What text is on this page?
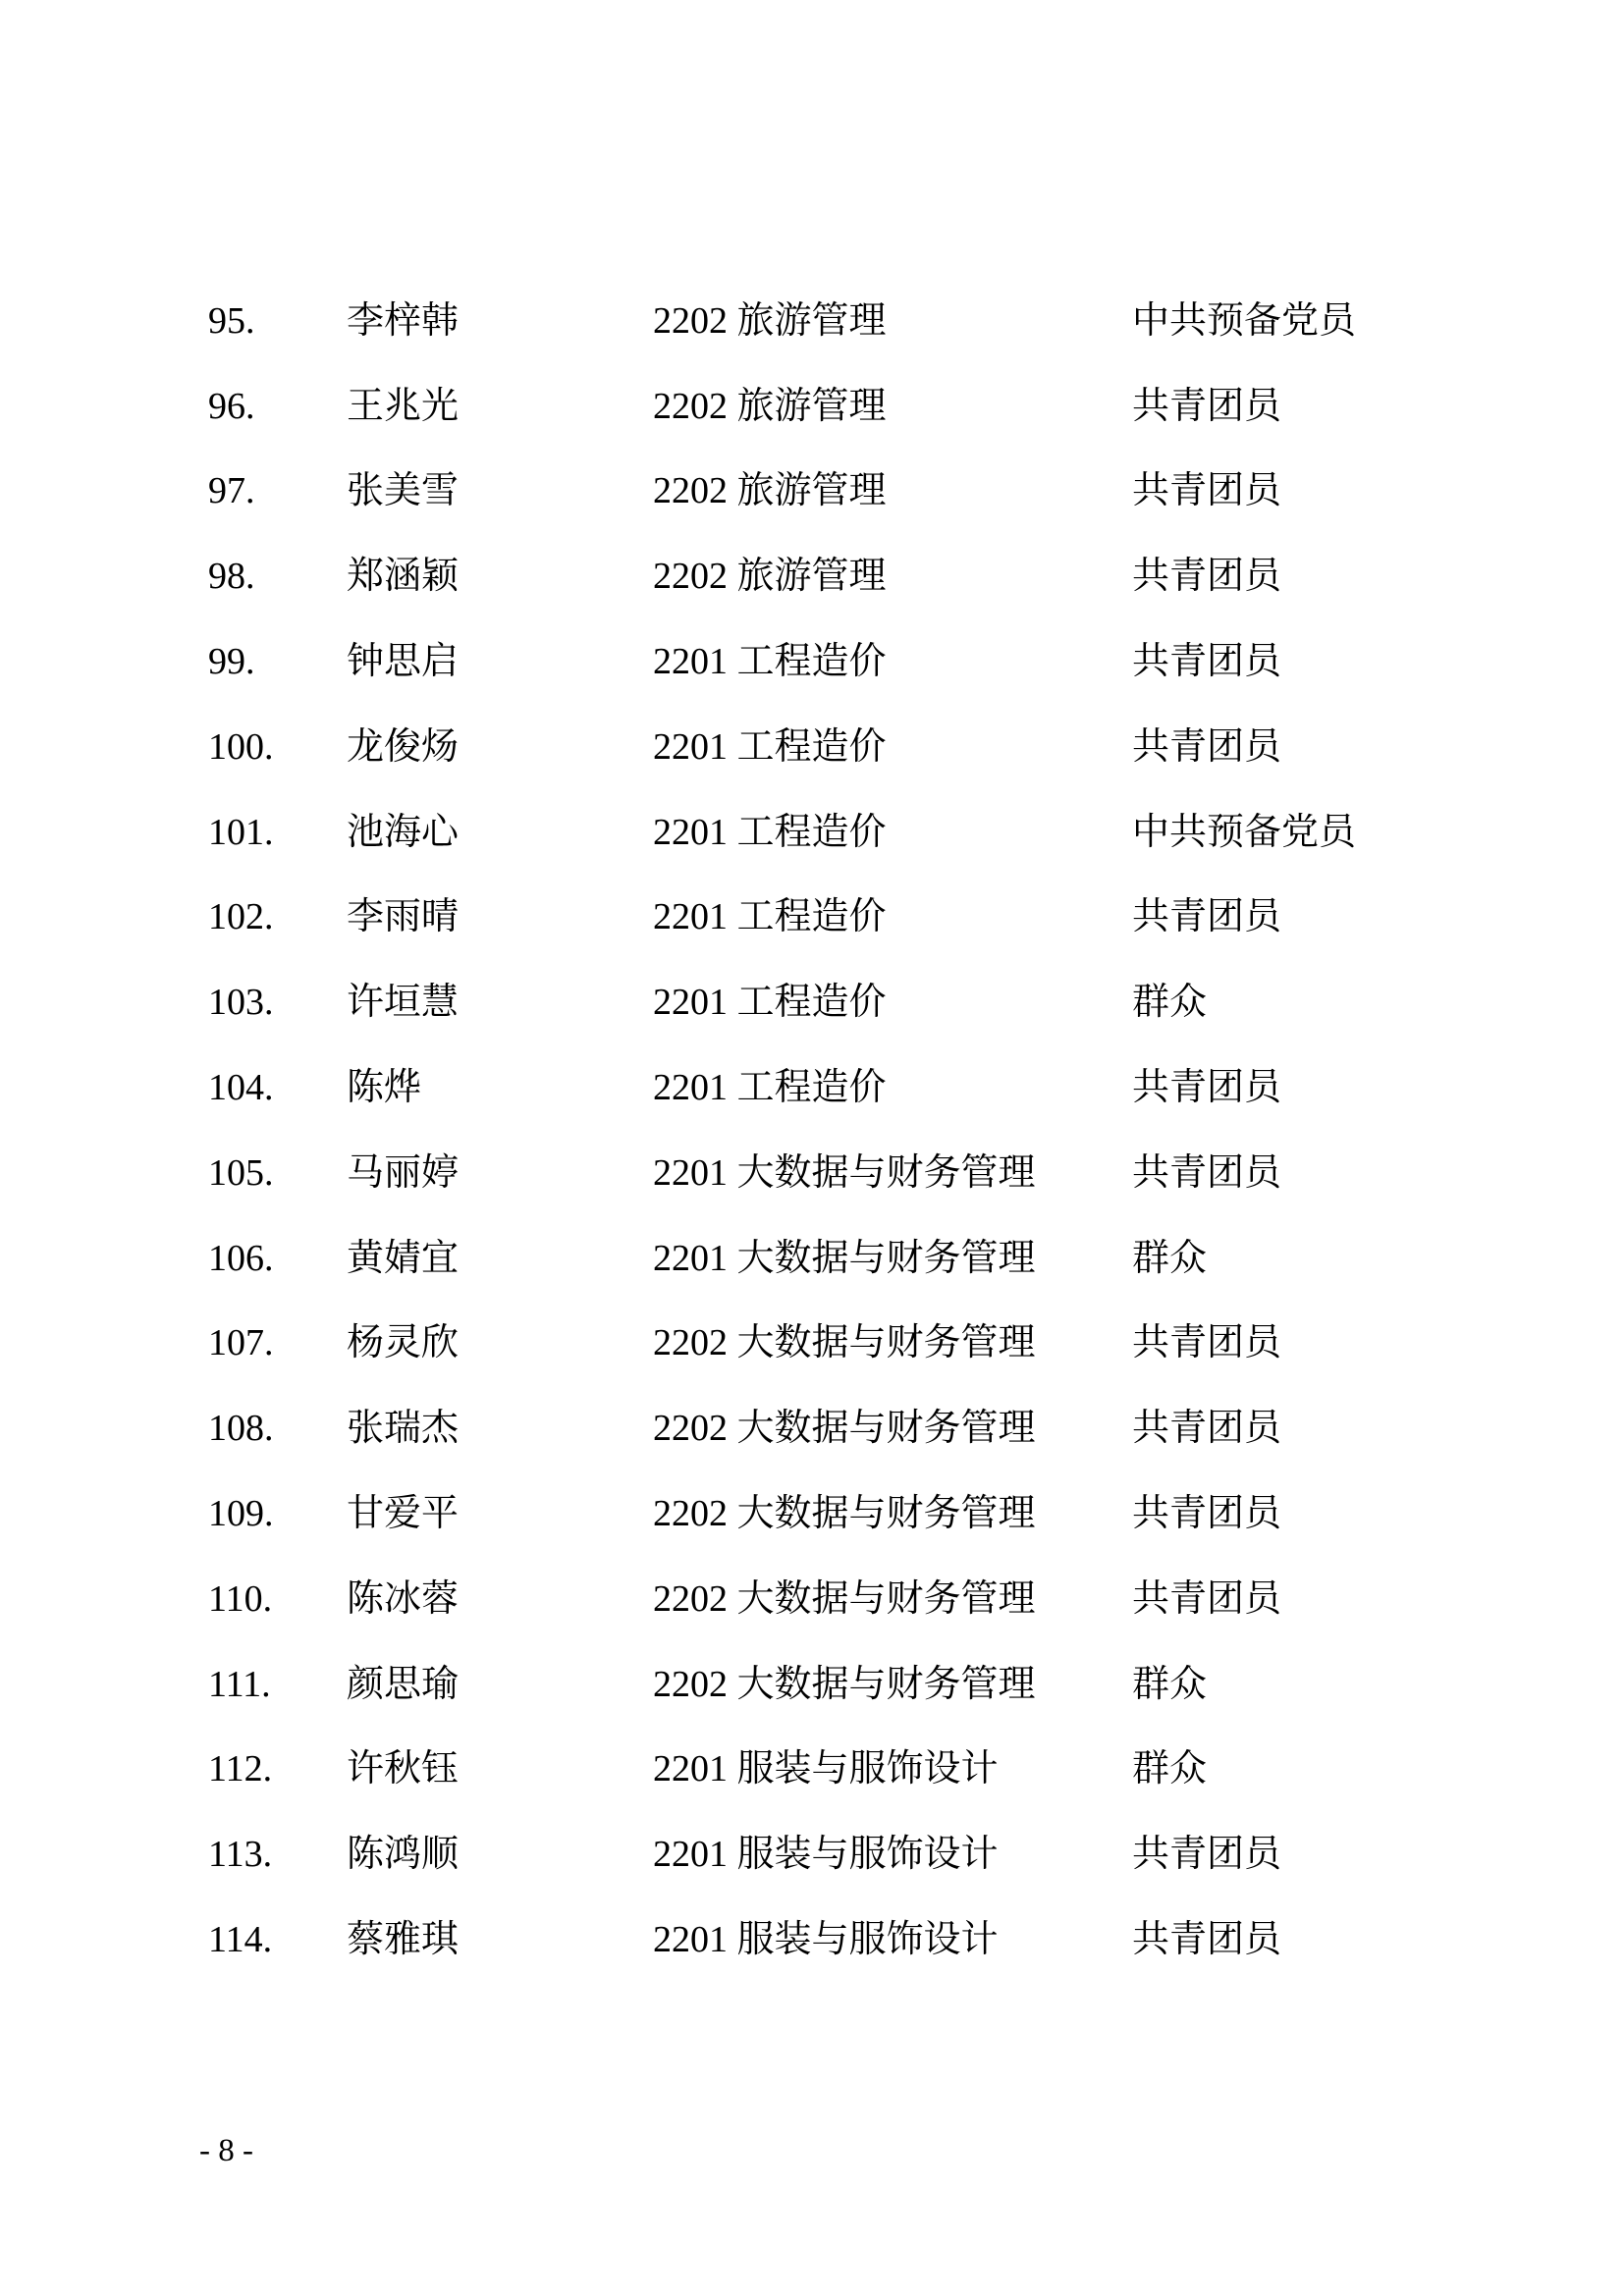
95.	李梓韩	2202 旅游管理	中共预备党员
96.	王兆光	2202 旅游管理	共青团员
97.	张美雪	2202 旅游管理	共青团员
98.	郑涵颖	2202 旅游管理	共青团员
99.	钟思启	2201 工程造价	共青团员
100.	龙俊炀	2201 工程造价	共青团员
101.	池海心	2201 工程造价	中共预备党员
102.	李雨晴	2201 工程造价	共青团员
103.	许垣慧	2201 工程造价	群众
104.	陈烨	2201 工程造价	共青团员
105.	马丽婷	2201 大数据与财务管理	共青团员
106.	黄婧宜	2201 大数据与财务管理	群众
107.	杨灵欣	2202 大数据与财务管理	共青团员
108.	张瑞杰	2202 大数据与财务管理	共青团员
109.	甘爱平	2202 大数据与财务管理	共青团员
110.	陈冰蓉	2202 大数据与财务管理	共青团员
111.	颜思瑜	2202 大数据与财务管理	群众
112.	许秋钰	2201 服装与服饰设计	群众
113.	陈鸿顺	2201 服装与服饰设计	共青团员
114.	蔡雅琪	2201 服装与服饰设计	共青团员
- 8 -
